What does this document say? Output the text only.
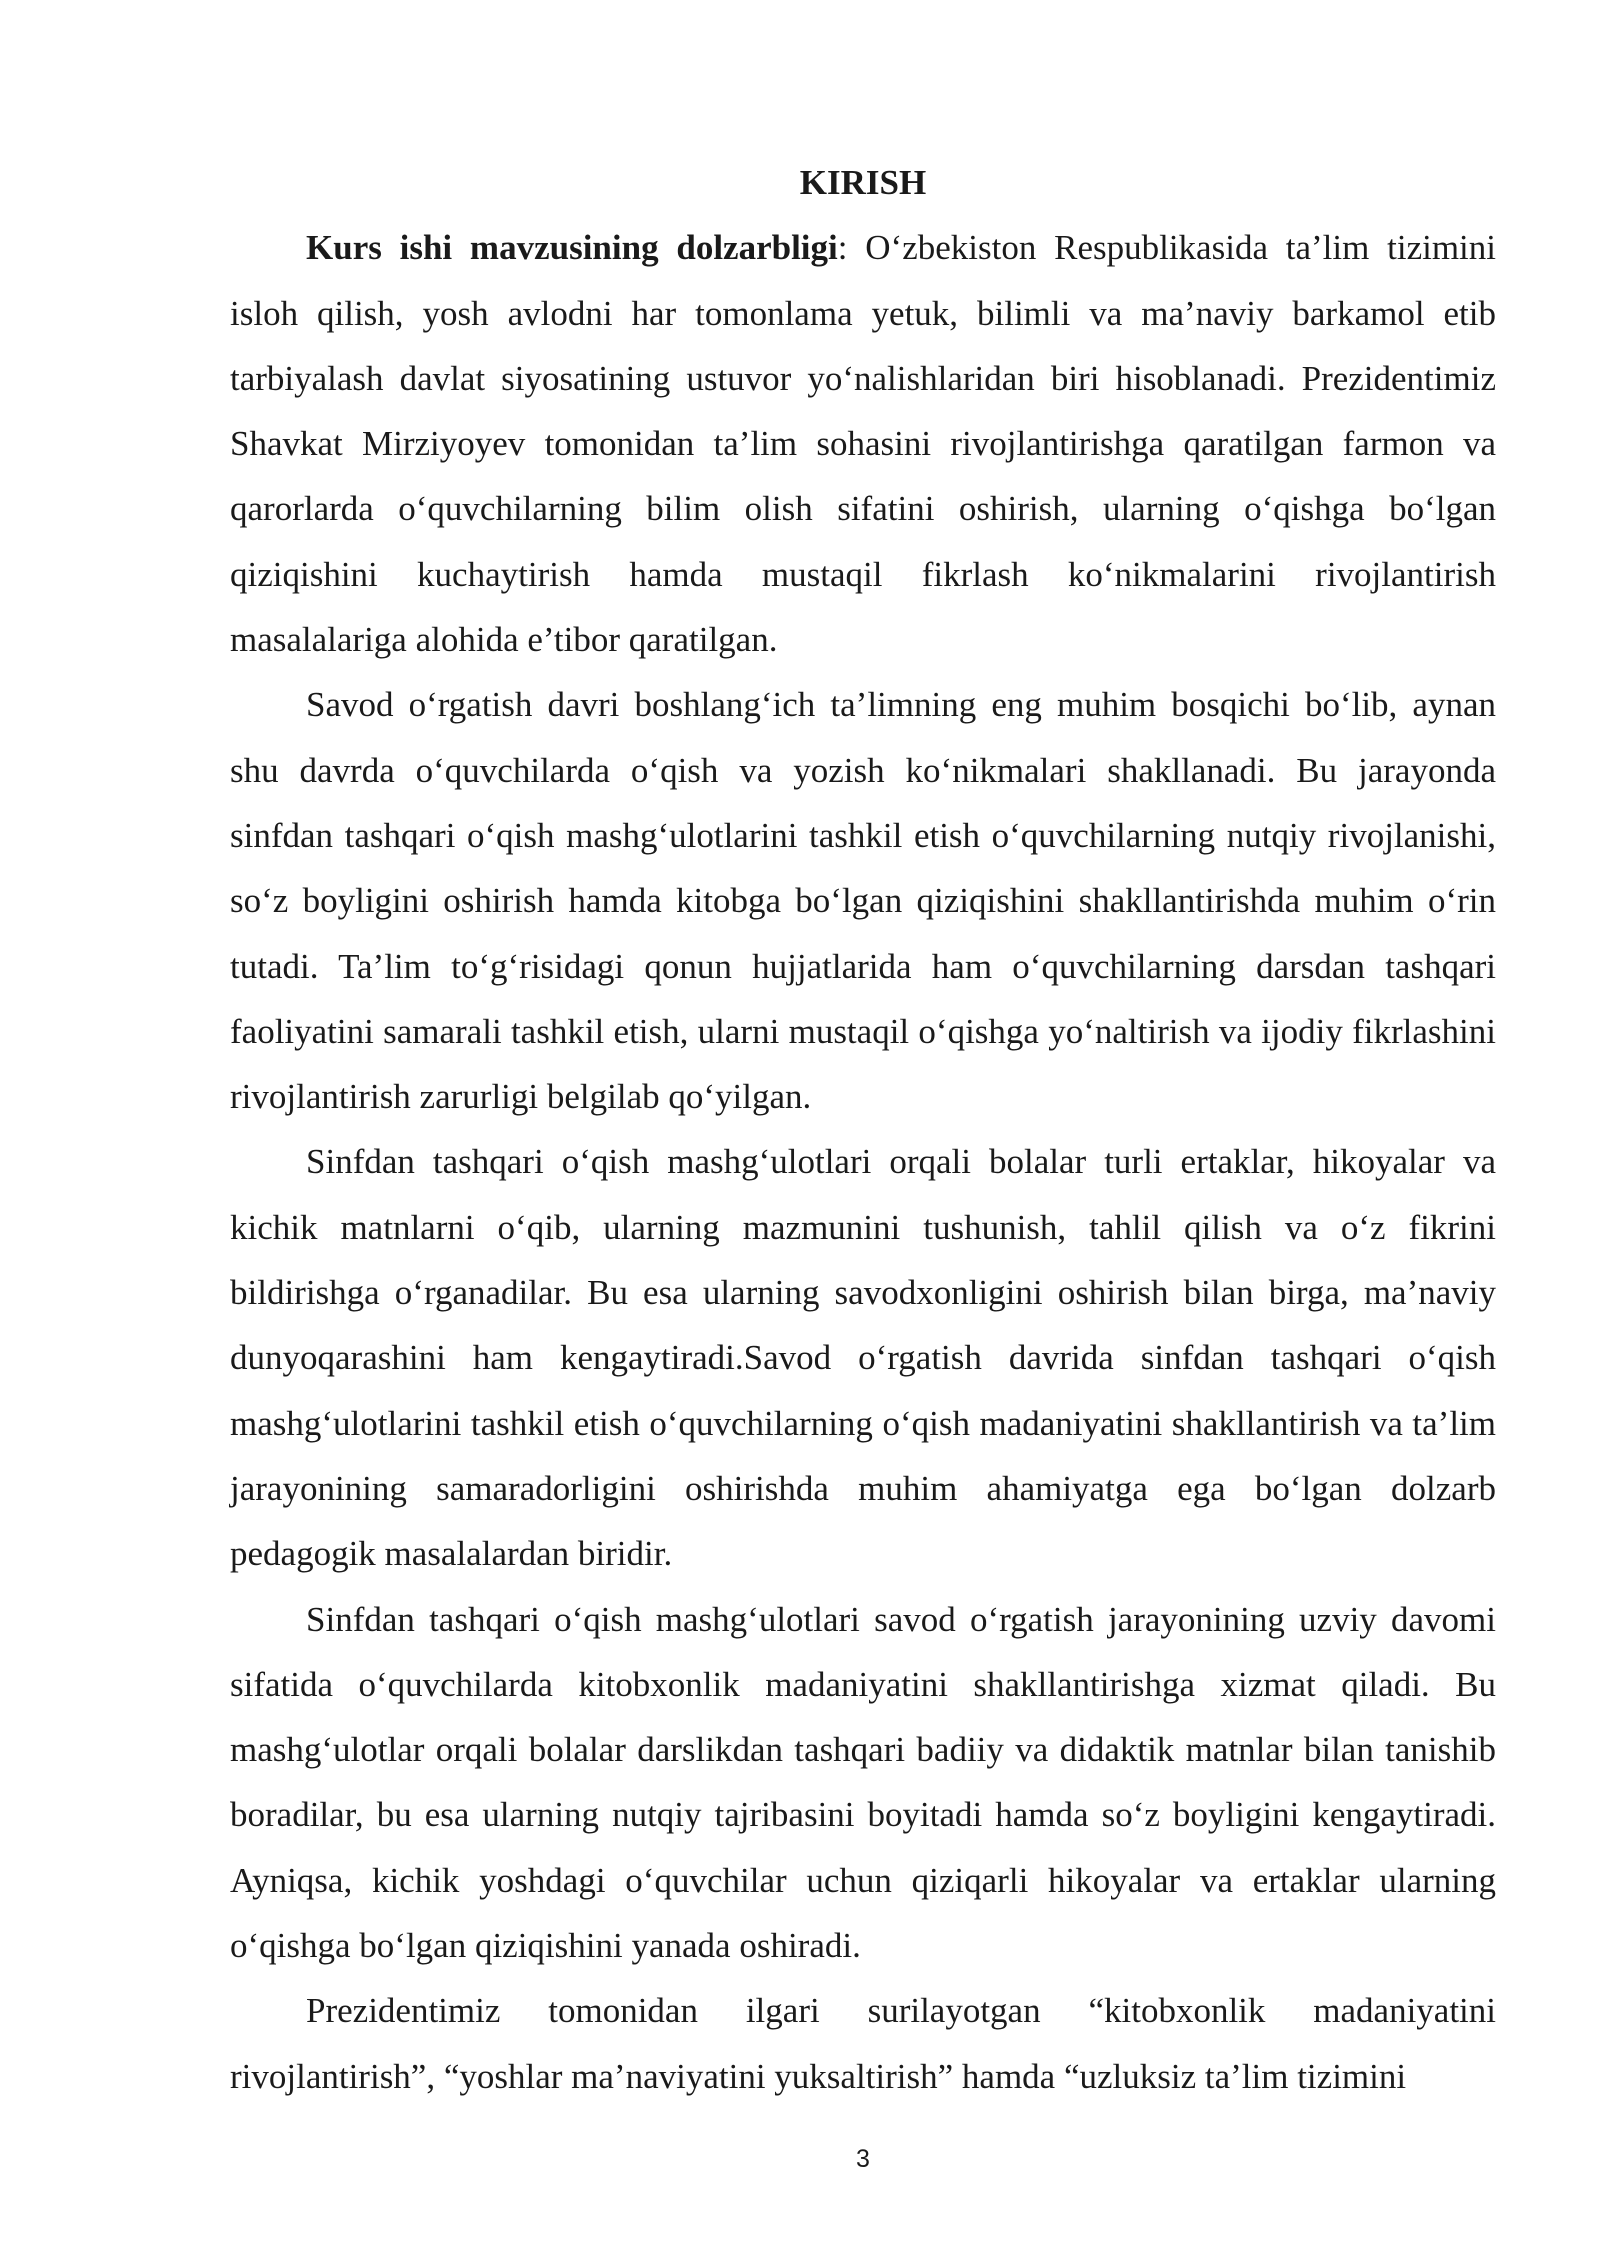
KIRISH

Kurs ishi mavzusining dolzarbligi: O‘zbekiston Respublikasida ta’lim tizimini isloh qilish, yosh avlodni har tomonlama yetuk, bilimli va ma’naviy barkamol etib tarbiyalash davlat siyosatining ustuvor yo‘nalishlaridan biri hisoblanadi. Prezidentimiz Shavkat Mirziyoyev tomonidan ta’lim sohasini rivojlantirishga qaratilgan farmon va qarorlarda o‘quvchilarning bilim olish sifatini oshirish, ularning o‘qishga bo‘lgan qiziqishini kuchaytirish hamda mustaqil fikrlash ko‘nikmalarini rivojlantirish masalalariga alohida e’tibor qaratilgan.

Savod o‘rgatish davri boshlang‘ich ta’limning eng muhim bosqichi bo‘lib, aynan shu davrda o‘quvchilarda o‘qish va yozish ko‘nikmalari shakllanadi. Bu jarayonda sinfdan tashqari o‘qish mashg‘ulotlarini tashkil etish o‘quvchilarning nutqiy rivojlanishi, so‘z boyligini oshirish hamda kitobga bo‘lgan qiziqishini shakllantirishda muhim o‘rin tutadi. Ta’lim to‘g‘risidagi qonun hujjatlarida ham o‘quvchilarning darsdan tashqari faoliyatini samarali tashkil etish, ularni mustaqil o‘qishga yo‘naltirish va ijodiy fikrlashini rivojlantirish zarurligi belgilab qo‘yilgan.

Sinfdan tashqari o‘qish mashg‘ulotlari orqali bolalar turli ertaklar, hikoyalar va kichik matnlarni o‘qib, ularning mazmunini tushunish, tahlil qilish va o‘z fikrini bildirishga o‘rganadilar. Bu esa ularning savodxonligini oshirish bilan birga, ma’naviy dunyoqarashini ham kengaytiradi.Savod o‘rgatish davrida sinfdan tashqari o‘qish mashg‘ulotlarini tashkil etish o‘quvchilarning o‘qish madaniyatini shakllantirish va ta’lim jarayonining samaradorligini oshirishda muhim ahamiyatga ega bo‘lgan dolzarb pedagogik masalalardan biridir.

Sinfdan tashqari o‘qish mashg‘ulotlari savod o‘rgatish jarayonining uzviy davomi sifatida o‘quvchilarda kitobxonlik madaniyatini shakllantirishga xizmat qiladi. Bu mashg‘ulotlar orqali bolalar darslikdan tashqari badiiy va didaktik matnlar bilan tanishib boradilar, bu esa ularning nutqiy tajribasini boyitadi hamda so‘z boyligini kengaytiradi. Ayniqsa, kichik yoshdagi o‘quvchilar uchun qiziqarli hikoyalar va ertaklar ularning o‘qishga bo‘lgan qiziqishini yanada oshiradi.

Prezidentimiz tomonidan ilgari surilayotgan “kitobxonlik madaniyatini rivojlantirish”, “yoshlar ma’naviyatini yuksaltirish” hamda “uzluksiz ta’lim tizimini

3
